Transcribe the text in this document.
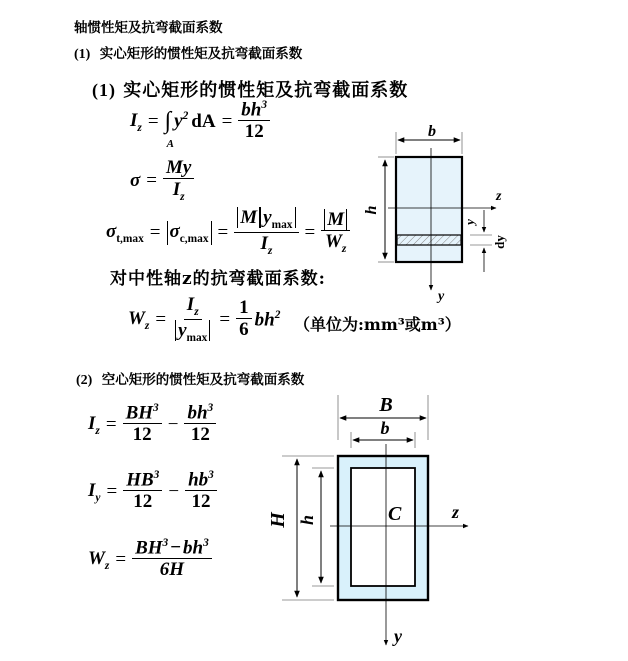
轴惯性矩及抗弯截面系数
(1) 实心矩形的惯性矩及抗弯截面系数
(1) 实心矩形的惯性矩及抗弯截面系数
$I_z$ = ∫
A
$y^2$ dA = $\frac{bh^3}{12}$
$\sigma = \frac{My}{I_z}$
$\sigma_{t,max} = \sigma_{c,max} = \frac{M y_{max}}{I_z} = \frac{M}{W_z}$
对中性轴z的抗弯截面系数:
$W_z = \frac{I_z}{y_{max}} = \frac{1}{6} bh^2$
（单位为:mm³或m³）
b
h
y
z
y
dy
(2) 空心矩形的惯性矩及抗弯截面系数
$I_z = \frac{BH^3}{12} - \frac{bh^3}{12}$
$I_y = \frac{HB^3}{12} - \frac{hb^3}{12}$
$W_z = \frac{BH^3 - bh^3}{6H}$
B
b
H h
y
z
C
